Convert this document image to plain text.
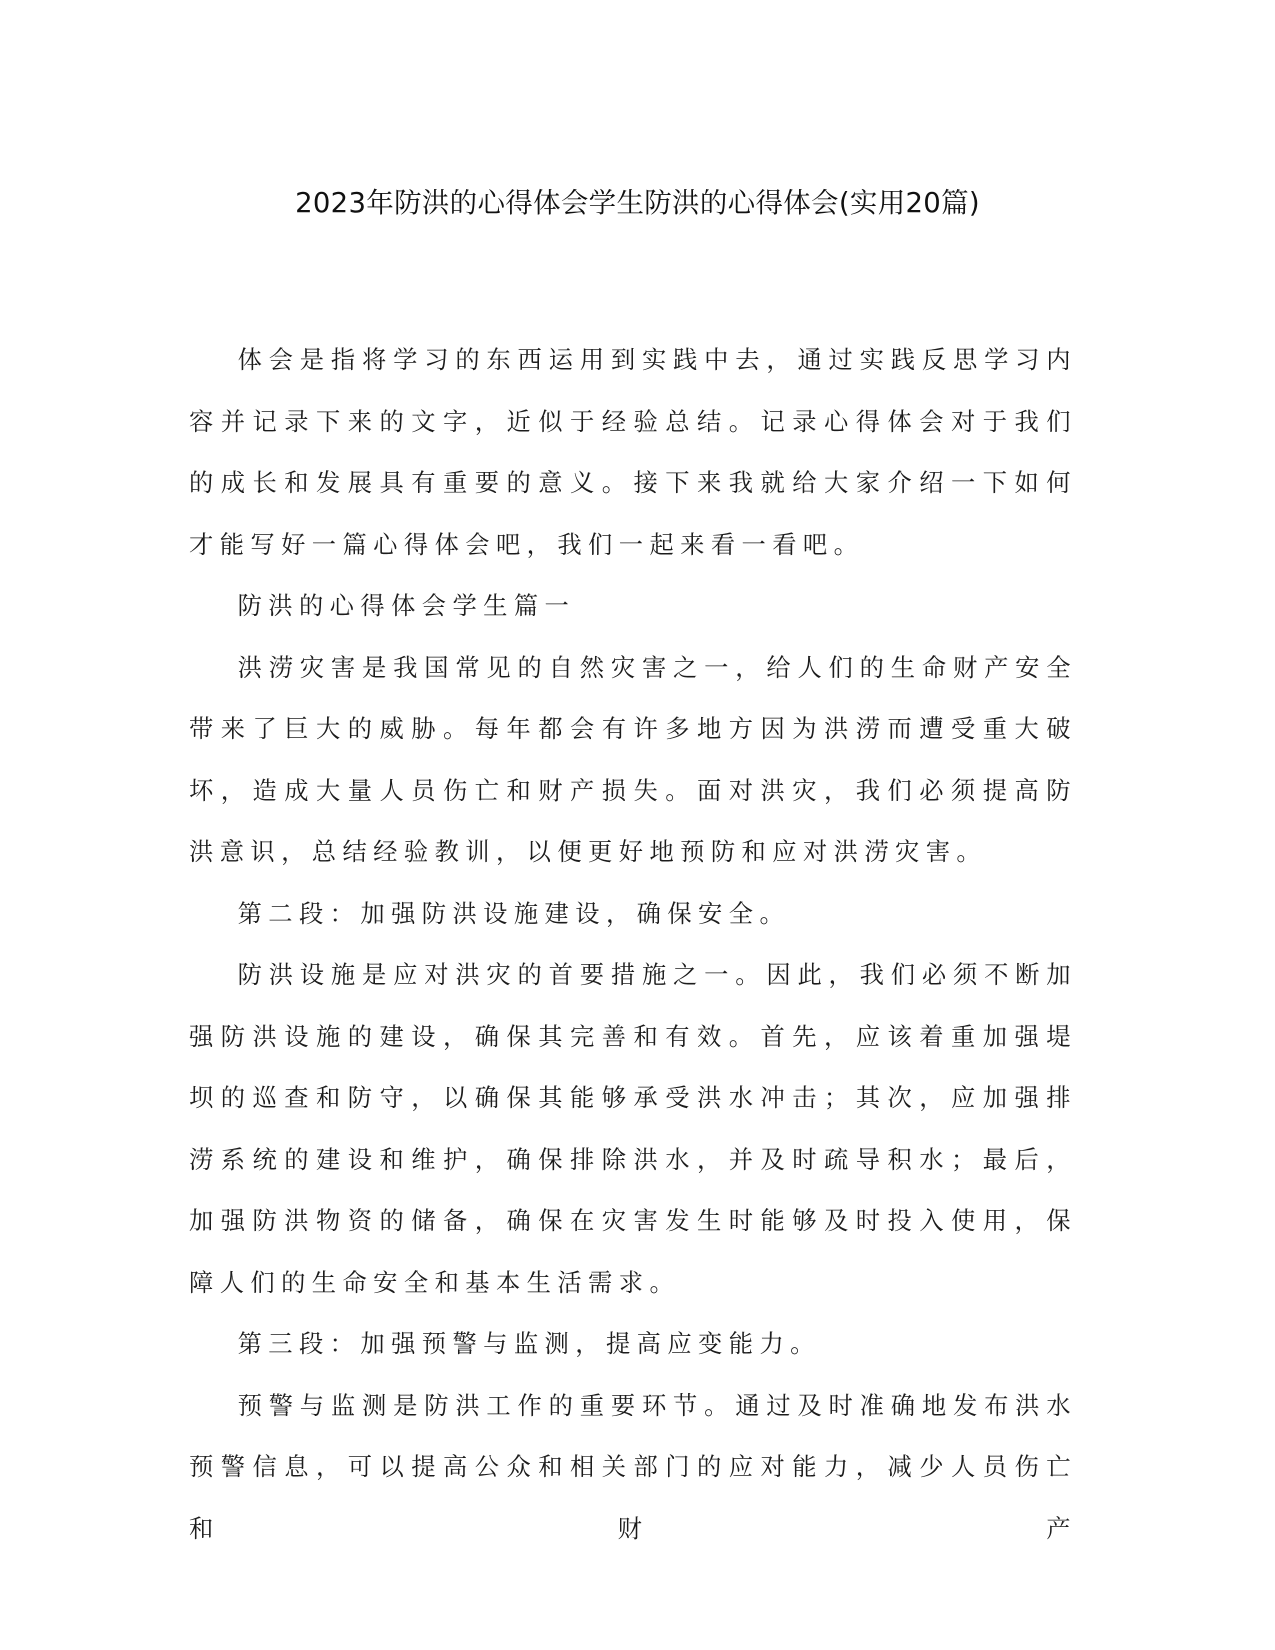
2023年防洪的心得体会学生防洪的心得体会(实用20篇)

体会是指将学习的东西运用到实践中去，通过实践反思学习内容并记录下来的文字，近似于经验总结。记录心得体会对于我们的成长和发展具有重要的意义。接下来我就给大家介绍一下如何才能写好一篇心得体会吧，我们一起来看一看吧。

防洪的心得体会学生篇一

洪涝灾害是我国常见的自然灾害之一，给人们的生命财产安全带来了巨大的威胁。每年都会有许多地方因为洪涝而遭受重大破坏，造成大量人员伤亡和财产损失。面对洪灾，我们必须提高防洪意识，总结经验教训，以便更好地预防和应对洪涝灾害。

第二段：加强防洪设施建设，确保安全。

防洪设施是应对洪灾的首要措施之一。因此，我们必须不断加强防洪设施的建设，确保其完善和有效。首先，应该着重加强堤坝的巡查和防守，以确保其能够承受洪水冲击；其次，应加强排涝系统的建设和维护，确保排除洪水，并及时疏导积水；最后，加强防洪物资的储备，确保在灾害发生时能够及时投入使用，保障人们的生命安全和基本生活需求。

第三段：加强预警与监测，提高应变能力。

预警与监测是防洪工作的重要环节。通过及时准确地发布洪水预警信息，可以提高公众和相关部门的应对能力，减少人员伤亡和财产
